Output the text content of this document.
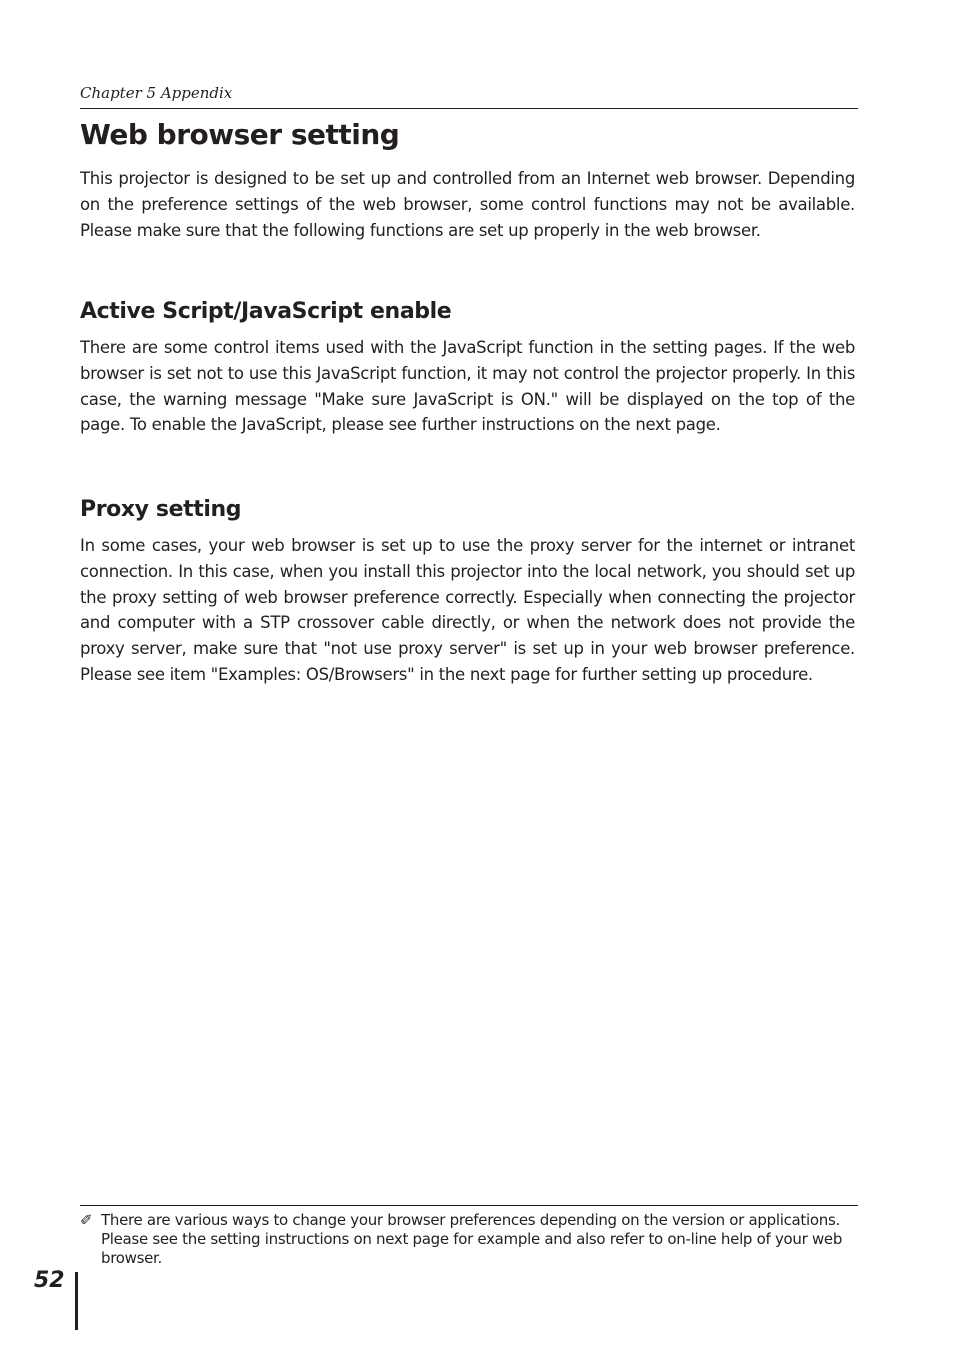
Chapter 5 Appendix
Web browser setting

This projector is designed to be set up and controlled from an Internet web browser. Depending on the preference settings of the web browser, some control functions may not be available. Please make sure that the following functions are set up properly in the web browser.

Active Script/JavaScript enable

There are some control items used with the JavaScript function in the setting pages. If the web browser is set not to use this JavaScript function, it may not control the projector properly. In this case, the warning message "Make sure JavaScript is ON." will be displayed on the top of the page. To enable the JavaScript, please see further instructions on the next page.

Proxy setting

In some cases, your web browser is set up to use the proxy server for the internet or intranet connection. In this case, when you install this projector into the local network, you should set up the proxy setting of web browser preference correctly. Especially when connecting the projector and computer with a STP crossover cable directly, or when the network does not provide the proxy server, make sure that "not use proxy server" is set up in your web browser preference. Please see item "Examples: OS/Browsers" in the next page for further setting up procedure.

✐ There are various ways to change your browser preferences depending on the version or applications. Please see the setting instructions on next page for example and also refer to on-line help of your web browser.
52
